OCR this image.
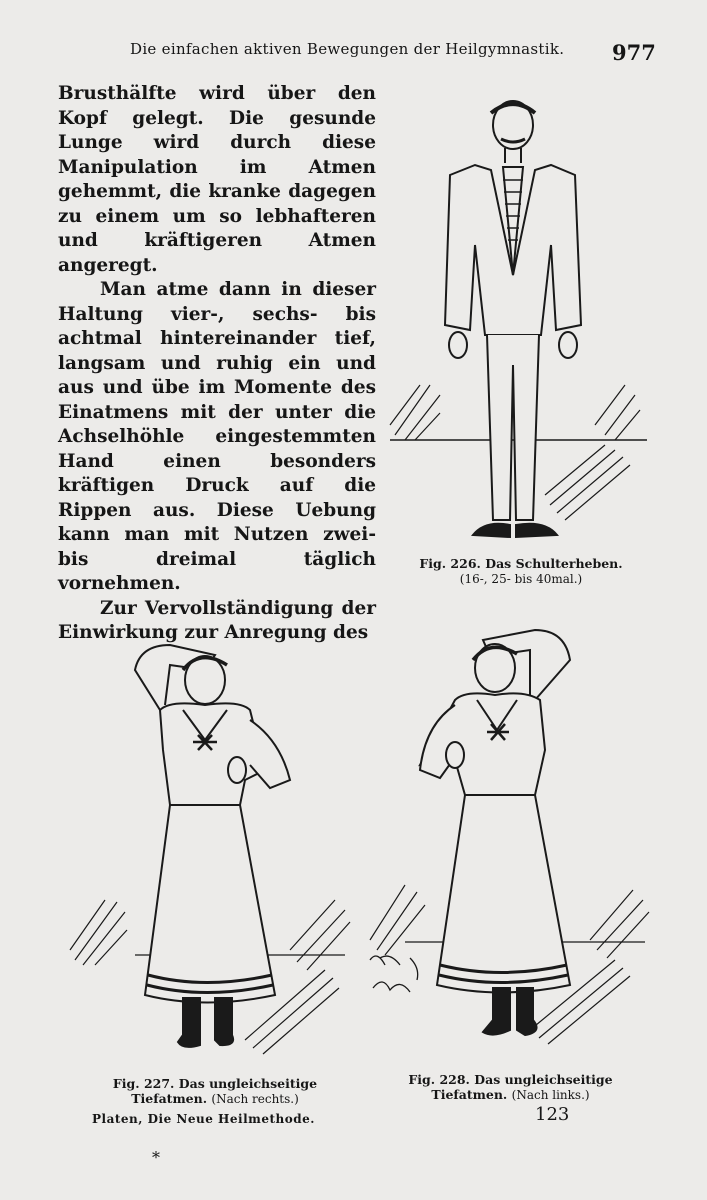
Die einfachen aktiven Bewegungen der Heilgymnastik.	977

Brusthälfte wird über den Kopf gelegt. Die gesunde Lunge wird durch diese Manipulation im Atmen gehemmt, die kranke dagegen zu einem um so lebhafteren und kräftigeren Atmen angeregt.

Man atme dann in dieser Haltung vier-, sechs- bis achtmal hintereinander tief, langsam und ruhig ein und aus und übe im Momente des Einatmens mit der unter die Achselhöhle eingestemmten Hand einen besonders kräftigen Druck auf die Rippen aus. Diese Uebung kann man mit Nutzen zwei- bis dreimal täglich vornehmen.

Zur Vervollständigung der Einwirkung zur Anregung des

Fig. 226. Das Schulterheben.
(16-, 25- bis 40mal.)
Fig. 227. Das ungleichseitige
Tiefatmen. (Nach rechts.)
Fig. 228. Das ungleichseitige
Tiefatmen. (Nach links.)
Platen, Die Neue Heilmethode.	123
*
